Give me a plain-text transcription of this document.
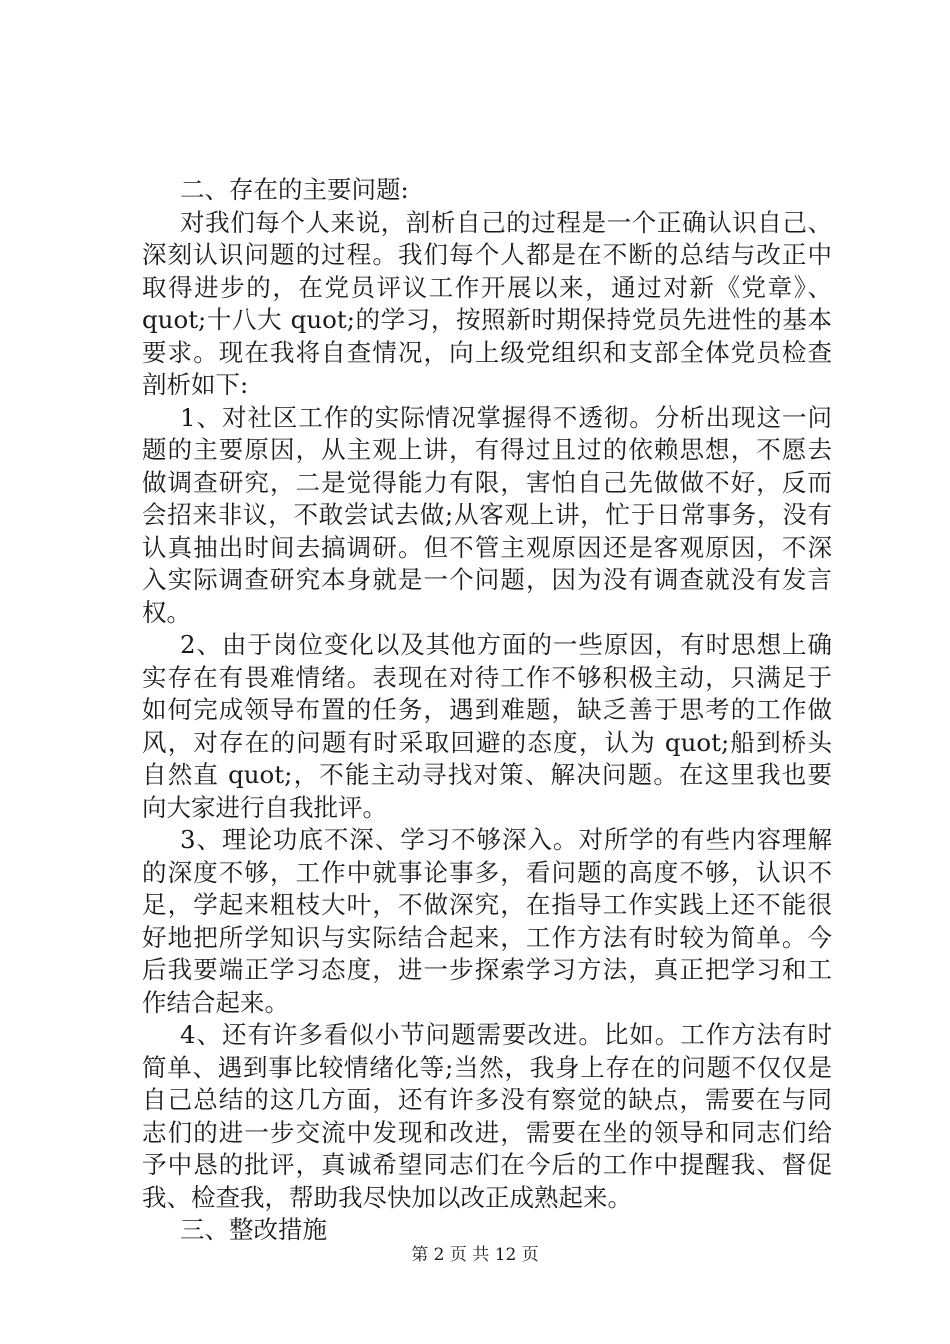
二、存在的主要问题:
对我们每个人来说，剖析自己的过程是一个正确认识自己、
深刻认识问题的过程。我们每个人都是在不断的总结与改正中
取得进步的，在党员评议工作开展以来，通过对新《党章》、
quot;十八大 quot;的学习，按照新时期保持党员先进性的基本
要求。现在我将自查情况，向上级党组织和支部全体党员检查
剖析如下:
1、对社区工作的实际情况掌握得不透彻。分析出现这一问
题的主要原因，从主观上讲，有得过且过的依赖思想，不愿去
做调查研究，二是觉得能力有限，害怕自己先做做不好，反而
会招来非议，不敢尝试去做;从客观上讲，忙于日常事务，没有
认真抽出时间去搞调研。但不管主观原因还是客观原因，不深
入实际调查研究本身就是一个问题，因为没有调查就没有发言
权。
2、由于岗位变化以及其他方面的一些原因，有时思想上确
实存在有畏难情绪。表现在对待工作不够积极主动，只满足于
如何完成领导布置的任务，遇到难题，缺乏善于思考的工作做
风，对存在的问题有时采取回避的态度，认为 quot;船到桥头
自然直 quot;，不能主动寻找对策、解决问题。在这里我也要
向大家进行自我批评。
3、理论功底不深、学习不够深入。对所学的有些内容理解
的深度不够，工作中就事论事多，看问题的高度不够，认识不
足，学起来粗枝大叶，不做深究，在指导工作实践上还不能很
好地把所学知识与实际结合起来，工作方法有时较为简单。今
后我要端正学习态度，进一步探索学习方法，真正把学习和工
作结合起来。
4、还有许多看似小节问题需要改进。比如。工作方法有时
简单、遇到事比较情绪化等;当然，我身上存在的问题不仅仅是
自己总结的这几方面，还有许多没有察觉的缺点，需要在与同
志们的进一步交流中发现和改进，需要在坐的领导和同志们给
予中恳的批评，真诚希望同志们在今后的工作中提醒我、督促
我、检查我，帮助我尽快加以改正成熟起来。
三、整改措施
第 2 页 共 12 页
